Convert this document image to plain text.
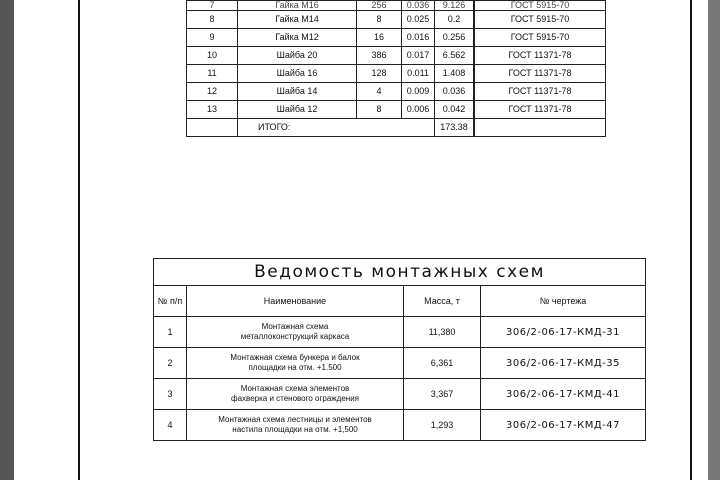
7	Гайка М16	256	0.036	9.126		ГОСТ 5915-70
8	Гайка М14	8	0.025	0.2		ГОСТ 5915-70
9	Гайка М12	16	0.016	0.256		ГОСТ 5915-70
10	Шайба 20	386	0.017	6.562		ГОСТ 11371-78
11	Шайба 16	128	0.011	1.408		ГОСТ 11371-78
12	Шайба 14	4	0.009	0.036		ГОСТ 11371-78
13	Шайба 12	8	0.006	0.042		ГОСТ 11371-78
	ИТОГО:			173.38		
Ведомость монтажных схем			
№ п/п	Наименование	Масса, т	№ чертежа
1	Монтажная схема
металлоконструкций каркаса	11,380	306/2-06-17-КМД-31
2	Монтажная схема бункера и балок
площадки на отм. +1.500	6,361	306/2-06-17-КМД-35
3	Монтажная схема элементов
фахверка и стенового ограждения	3,367	306/2-06-17-КМД-41
4	Монтажная схема лестницы и элементов
настила площадки на отм. +1,500	1,293	306/2-06-17-КМД-47
